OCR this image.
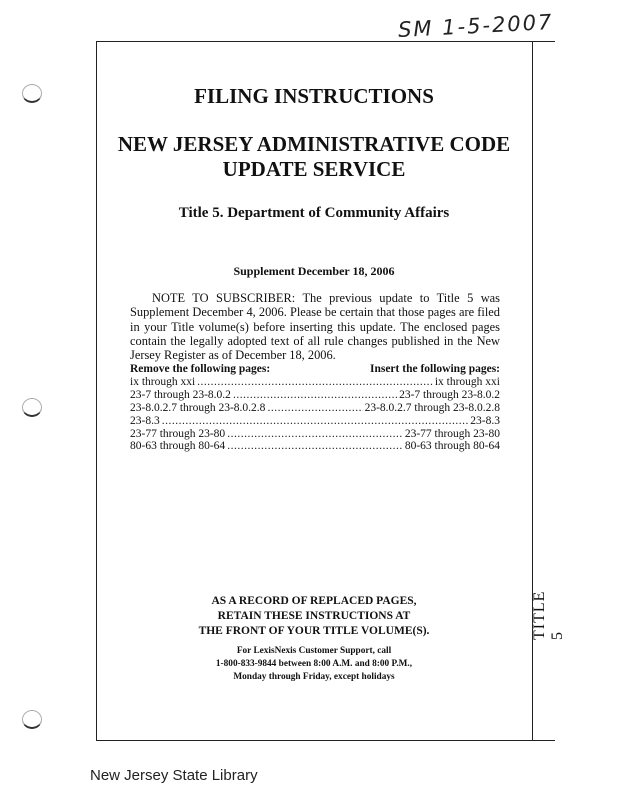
SM 1-5-2007
TITLE 5
FILING INSTRUCTIONS
NEW JERSEY ADMINISTRATIVE CODE
UPDATE SERVICE
Title 5. Department of Community Affairs
Supplement December 18, 2006
NOTE TO SUBSCRIBER: The previous update to Title 5 was Supplement December 4, 2006. Please be certain that those pages are filed in your Title volume(s) before inserting this update. The enclosed pages contain the legally adopted text of all rule changes published in the New Jersey Register as of December 18, 2006.
Remove the following pages:	Insert the following pages:
ix through xxi .....	ix through xxi
23-7 through 23-8.0.2 .....	23-7 through 23-8.0.2
23-8.0.2.7 through 23-8.0.2.8 .....	23-8.0.2.7 through 23-8.0.2.8
23-8.3 .....	23-8.3
23-77 through 23-80 .....	23-77 through 23-80
80-63 through 80-64 .....	80-63 through 80-64
AS A RECORD OF REPLACED PAGES,
RETAIN THESE INSTRUCTIONS AT
THE FRONT OF YOUR TITLE VOLUME(S).
For LexisNexis Customer Support, call
1-800-833-9844 between 8:00 A.M. and 8:00 P.M.,
Monday through Friday, except holidays
New Jersey State Library
